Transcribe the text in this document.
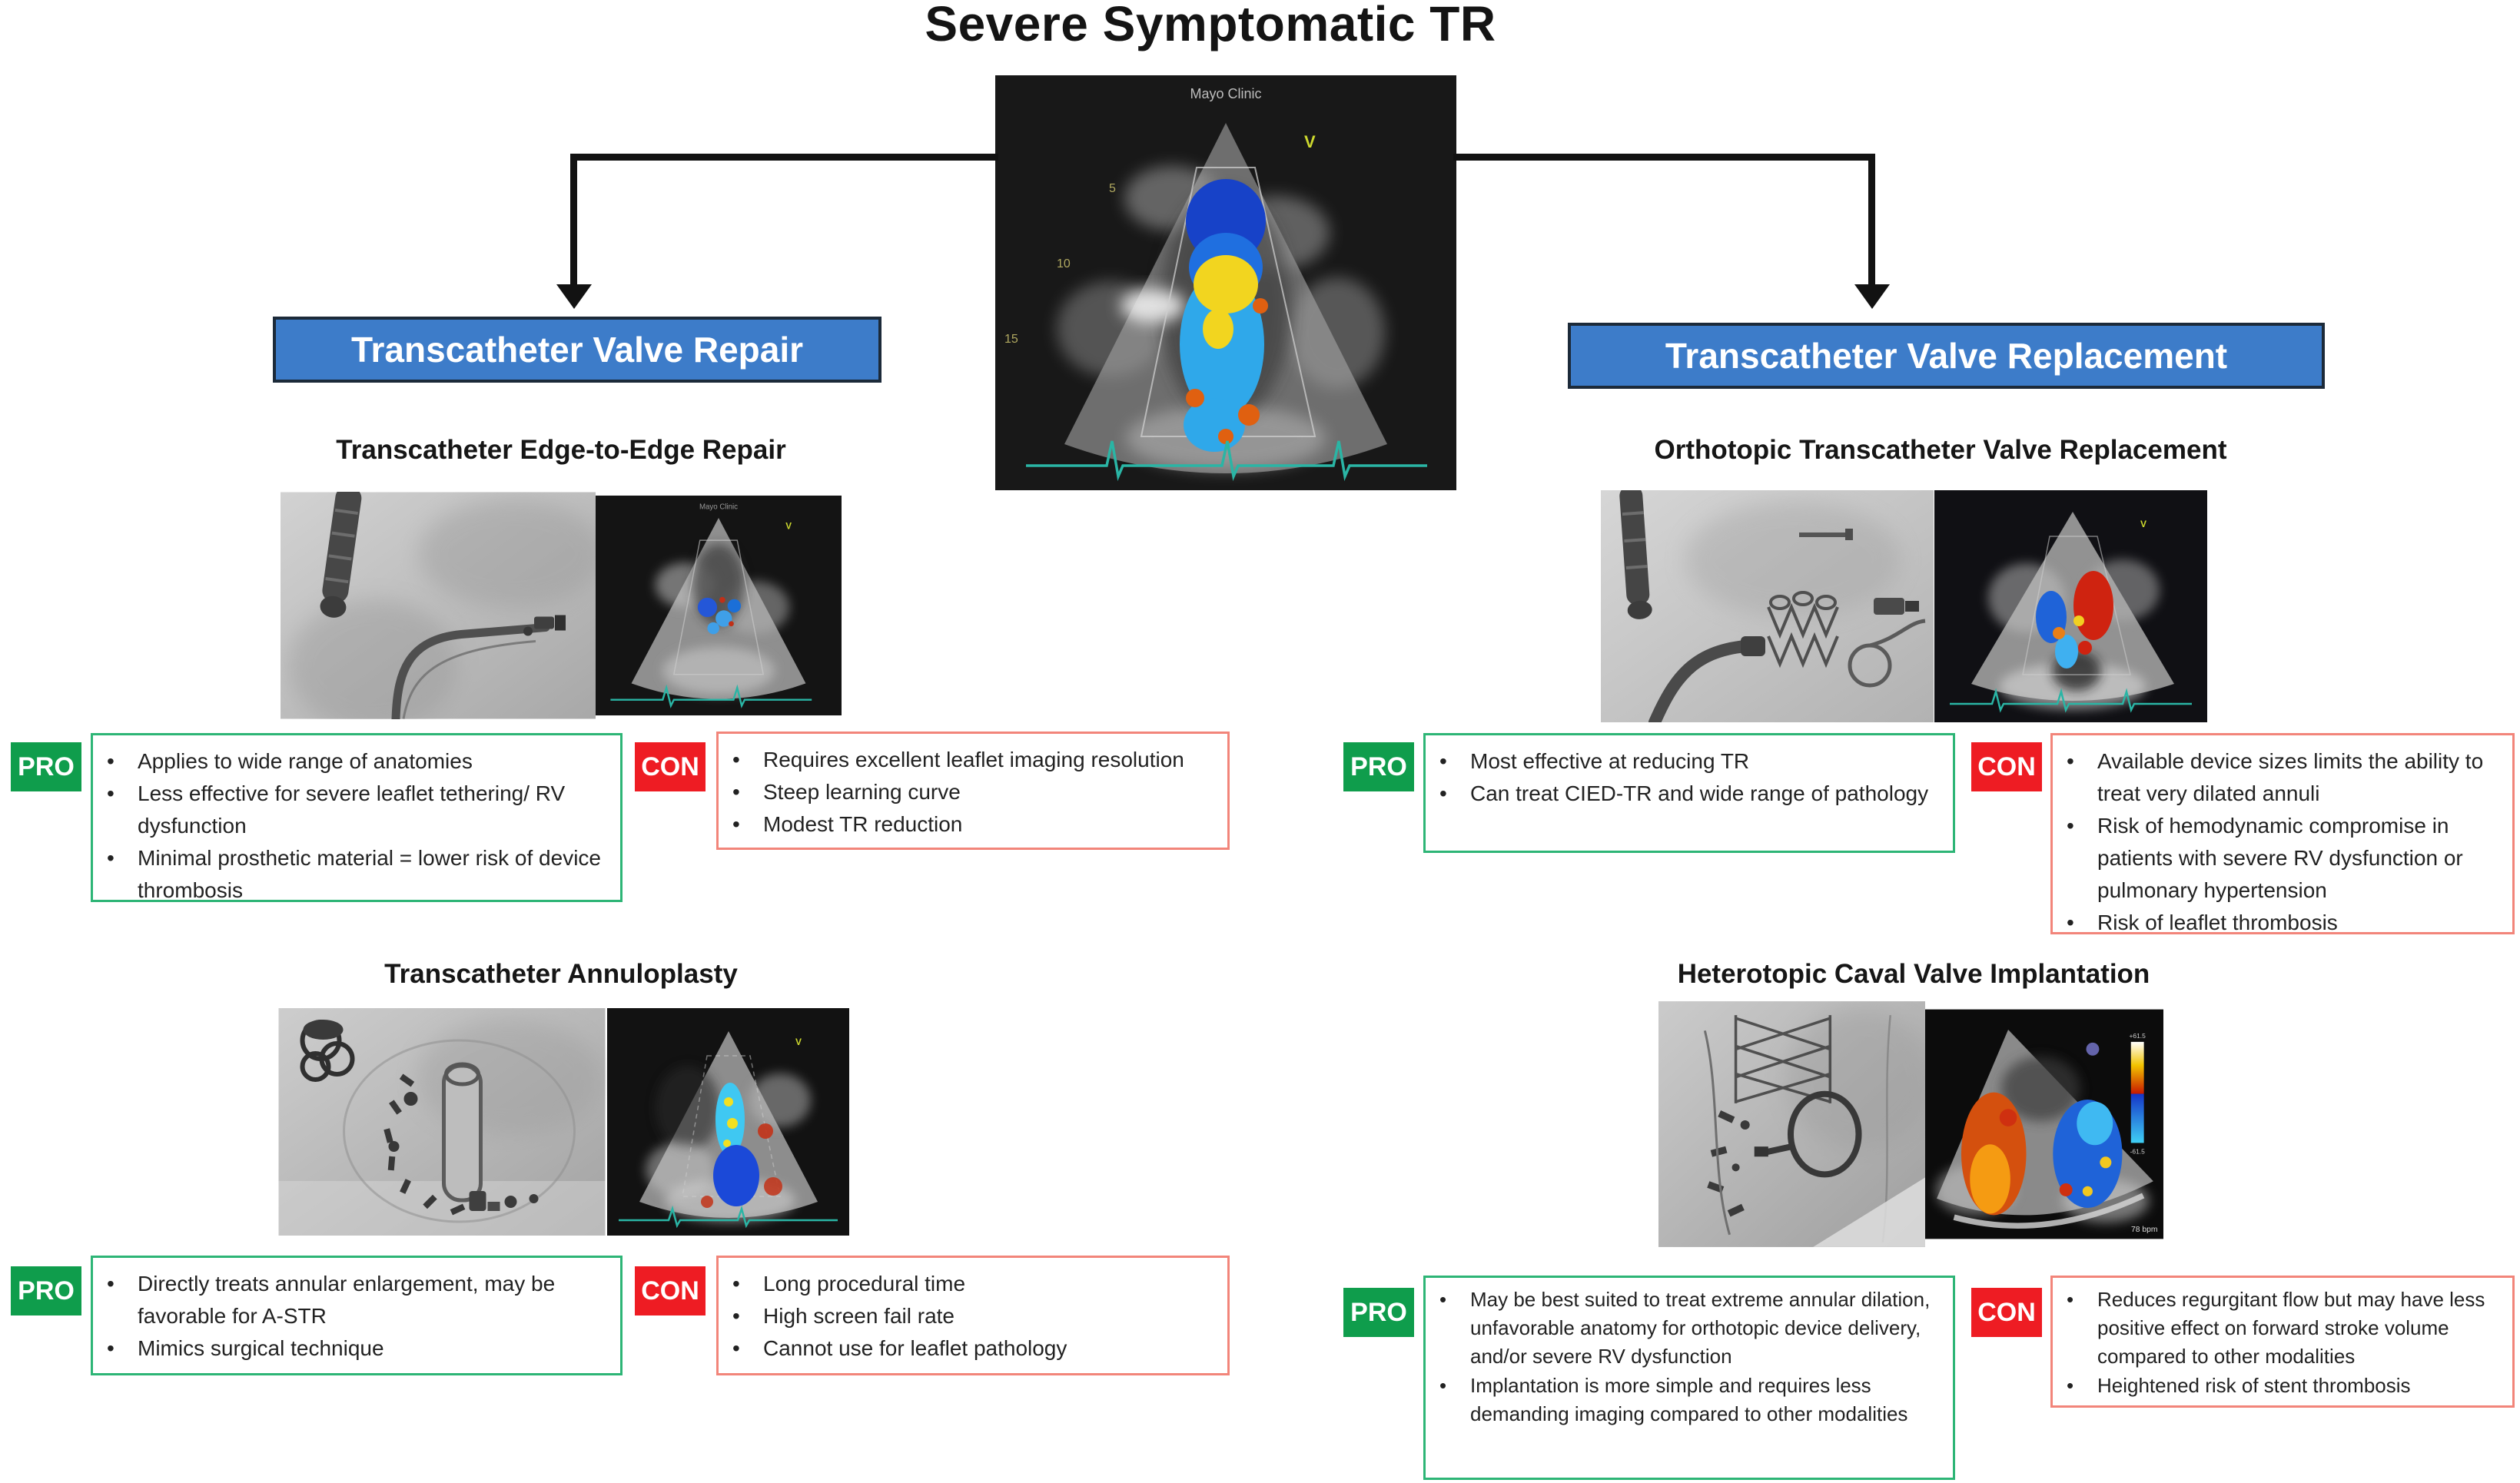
Severe Symptomatic TR
Mayo Clinic
V
5
10
15
Transcatheter Valve Repair	Transcatheter Valve Replacement
Transcatheter Edge-to-Edge Repair
Transcatheter Annuloplasty
Orthotopic Transcatheter Valve Replacement
Heterotopic Caval Valve Implantation
Mayo Clinic
V
V
V
+61.5
-61.5
78 bpm
PRO	CON
PRO	CON
PRO	CON
PRO	CON
• Applies to wide range of anatomies
• Less effective for severe leaflet tethering/ RV dysfunction
• Minimal prosthetic material = lower risk of device thrombosis
• Requires excellent leaflet imaging resolution
• Steep learning curve
• Modest TR reduction
• Directly treats annular enlargement, may be favorable for A-STR
• Mimics surgical technique
• Long procedural time
• High screen fail rate
• Cannot use for leaflet pathology
• Most effective at reducing TR
• Can treat CIED-TR and wide range of pathology
• Available device sizes limits the ability to treat very dilated annuli
• Risk of hemodynamic compromise in patients with severe RV dysfunction or pulmonary hypertension
• Risk of leaflet thrombosis
• May be best suited to treat extreme annular dilation, unfavorable anatomy for orthotopic device delivery, and/or severe RV dysfunction
• Implantation is more simple and requires less demanding imaging compared to other modalities
• Reduces regurgitant flow but may have less positive effect on forward stroke volume compared to other modalities
• Heightened risk of stent thrombosis
